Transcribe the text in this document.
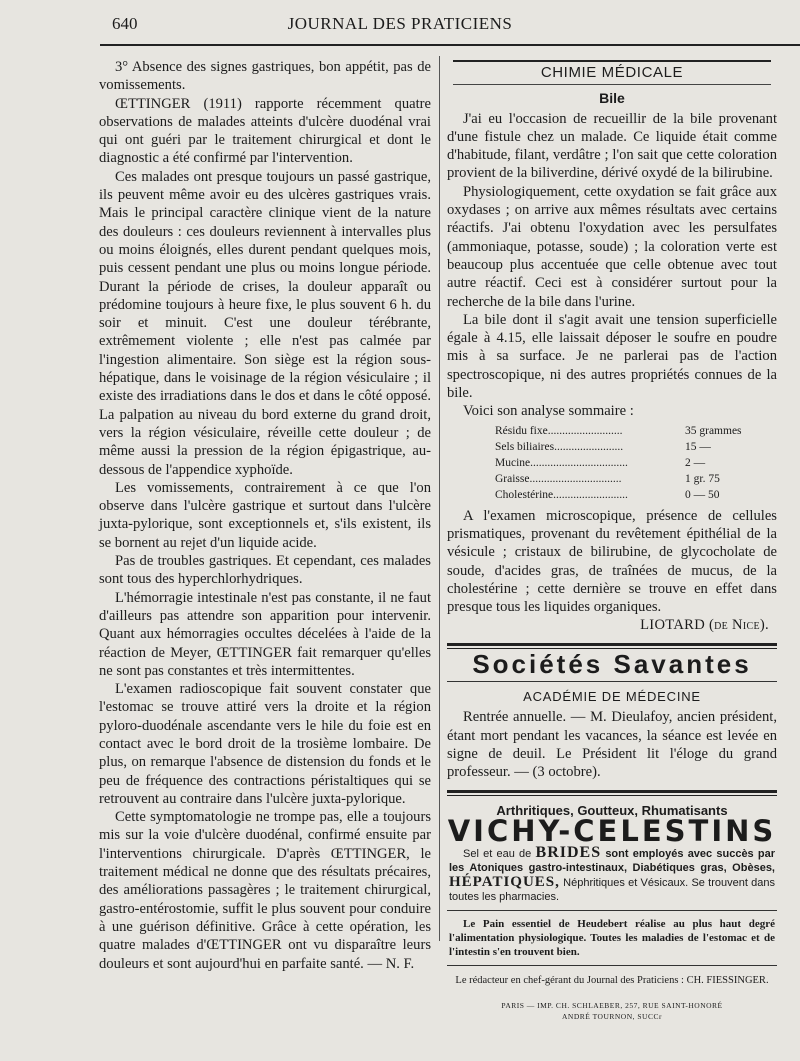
640	JOURNAL DES PRATICIENS

3° Absence des signes gastriques, bon appétit, pas de vomissements.

ŒTTINGER (1911) rapporte récemment quatre observations de malades atteints d'ulcère duodénal vrai qui ont guéri par le traitement chirurgical et dont le diagnostic a été confirmé par l'intervention.

Ces malades ont presque toujours un passé gastrique, ils peuvent même avoir eu des ulcères gastriques vrais. Mais le principal caractère clinique vient de la nature des douleurs : ces douleurs reviennent à intervalles plus ou moins éloignés, elles durent pendant quelques mois, puis cessent pendant une plus ou moins longue période. Durant la période de crises, la douleur apparaît ou prédomine toujours à heure fixe, le plus souvent 6 h. du soir et minuit. C'est une douleur térébrante, extrêmement violente ; elle n'est pas calmée par l'ingestion alimentaire. Son siège est la région sous-hépatique, dans le voisinage de la région vésiculaire ; il existe des irradiations dans le dos et dans le côté opposé. La palpation au niveau du bord externe du grand droit, vers la région vésiculaire, réveille cette douleur ; de même aussi la pression de la région épigastrique, au-dessous de l'appendice xyphoïde.

Les vomissements, contrairement à ce que l'on observe dans l'ulcère gastrique et surtout dans l'ulcère juxta-pylorique, sont exceptionnels et, s'ils existent, ils se bornent au rejet d'un liquide acide.

Pas de troubles gastriques. Et cependant, ces malades sont tous des hyperchlorhydriques.

L'hémorragie intestinale n'est pas constante, il ne faut d'ailleurs pas attendre son apparition pour intervenir. Quant aux hémorragies occultes décelées à l'aide de la réaction de Meyer, ŒTTINGER fait remarquer qu'elles ne sont pas constantes et très intermittentes.

L'examen radioscopique fait souvent constater que l'estomac se trouve attiré vers la droite et la région pyloro-duodénale ascendante vers le hile du foie est en contact avec le bord droit de la trosième lombaire. De plus, on remarque l'absence de distension du fonds et le peu de fréquence des contractions péristaltiques qui se retrouvent au contraire dans l'ulcère juxta-pylorique.

Cette symptomatologie ne trompe pas, elle a toujours mis sur la voie d'ulcère duodénal, confirmé ensuite par l'interventions chirurgicale. D'après ŒTTINGER, le traitement médical ne donne que des résultats précaires, des améliorations passagères ; le traitement chirurgical, gastro-entérostomie, suffit le plus souvent pour conduire à une guérison définitive. Grâce à cette opération, les quatre malades d'ŒTTINGER ont vu disparaître leurs douleurs et sont aujourd'hui en parfaite santé. — N. F.

CHIMIE MÉDICALE
Bile

J'ai eu l'occasion de recueillir de la bile provenant d'une fistule chez un malade. Ce liquide était comme d'habitude, filant, verdâtre ; l'on sait que cette coloration provient de la biliverdine, dérivé oxydé de la bilirubine.

Physiologiquement, cette oxydation se fait grâce aux oxydases ; on arrive aux mêmes résultats avec certains réactifs. J'ai obtenu l'oxydation avec les persulfates (ammoniaque, potasse, soude) ; la coloration verte est beaucoup plus accentuée que celle obtenue avec tout autre réactif. Ceci est à considérer surtout pour la recherche de la bile dans l'urine.

La bile dont il s'agit avait une tension superficielle égale à 4.15, elle laissait déposer le soufre en poudre mis à sa surface. Je ne parlerai pas de l'action spectroscopique, ni des autres propriétés connues de la bile.

Voici son analyse sommaire :

Résidu fixe..........................	35 grammes
Sels biliaires........................	15 —
Mucine..................................	2 —
Graisse................................	1 gr. 75
Cholestérine..........................	0 — 50

A l'examen microscopique, présence de cellules prismatiques, provenant du revêtement épithélial de la vésicule ; cristaux de bilirubine, de glycocholate de soude, d'acides gras, de traînées de mucus, de la cholestérine ; cette dernière se trouve en effet dans presque tous les liquides organiques.

LIOTARD (de Nice).
Sociétés Savantes
ACADÉMIE DE MÉDECINE

Rentrée annuelle. — M. Dieulafoy, ancien président, étant mort pendant les vacances, la séance est levée en signe de deuil. Le Président lit l'éloge du grand professeur. — (3 octobre).

Arthritiques, Goutteux, Rhumatisants
VICHY-CELESTINS

Sel et eau de BRIDES sont employés avec succès par les Atoniques gastro-intestinaux, Diabétiques gras, Obèses, HÉPATIQUES, Néphritiques et Vésicaux. Se trouvent dans toutes les pharmacies.

Le Pain essentiel de Heudebert réalise au plus haut degré l'alimentation physiologique. Toutes les maladies de l'estomac et de l'intestin s'en trouvent bien.

Le rédacteur en chef-gérant du Journal des Praticiens : CH. FIESSINGER.
PARIS — IMP. CH. SCHLAEBER, 257, RUE SAINT-HONORÉ
ANDRÉ TOURNON, SUCCr
